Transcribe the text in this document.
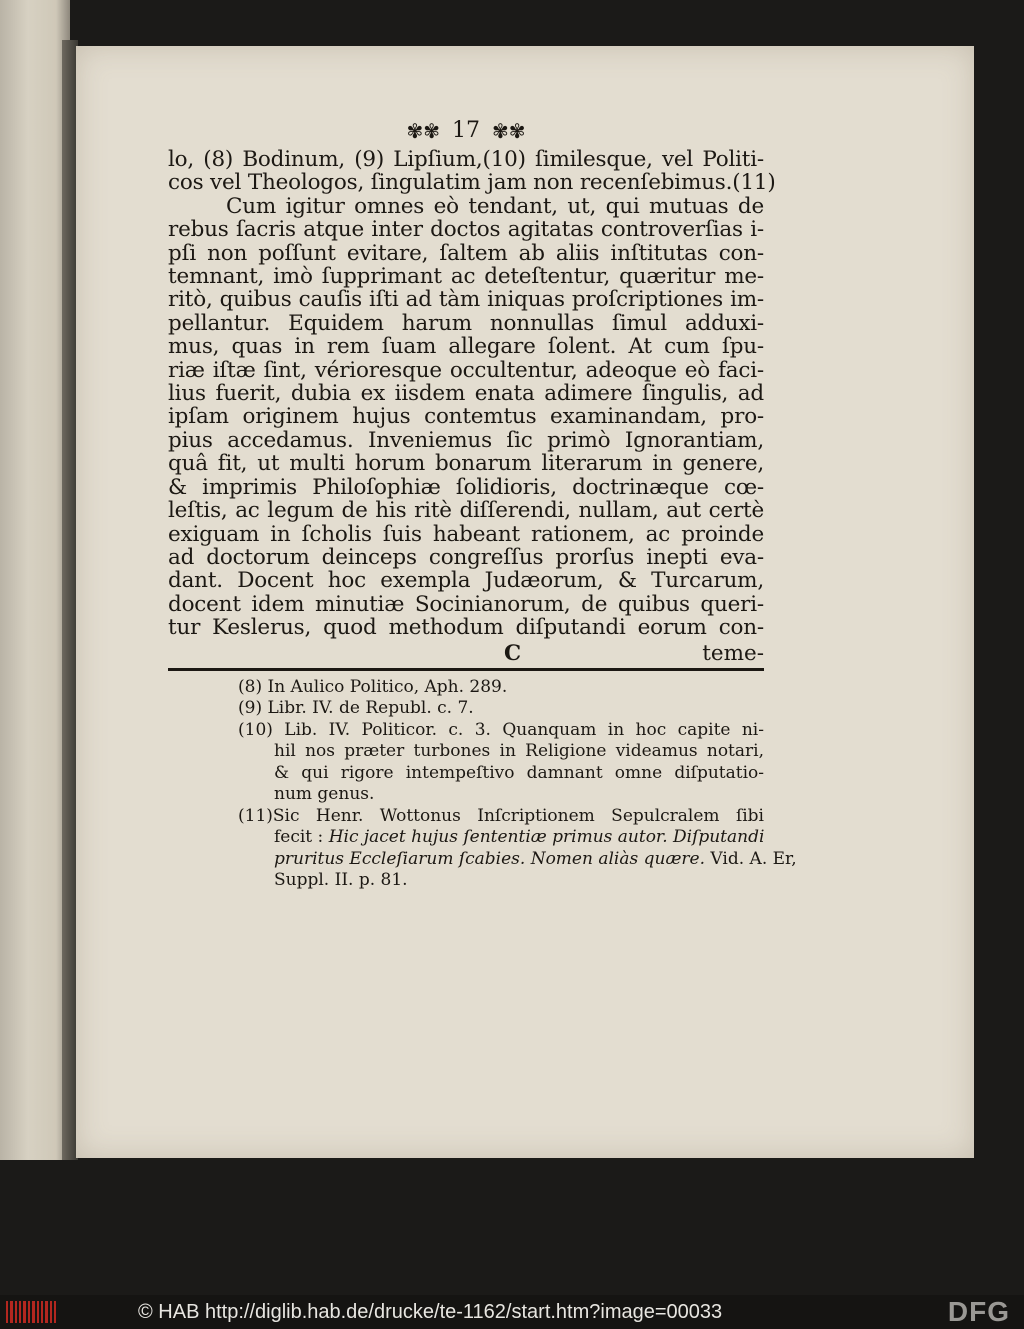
✾✾ 17 ✾✾
lo, (8) Bodinum, (9) Lipſium,(10) ſimilesque, vel Politi-
cos vel Theologos, ſingulatim jam non recenſebimus.(11)
Cum igitur omnes eò tendant, ut, qui mutuas de
rebus ſacris atque inter doctos agitatas controverſias i-
pſi non poſſunt evitare, ſaltem ab aliis inſtitutas con-
temnant, imò ſupprimant ac deteſtentur, quæritur me-
ritò, quibus cauſis iſti ad tàm iniquas proſcriptiones im-
pellantur. Equidem harum nonnullas ſimul adduxi-
mus, quas in rem ſuam allegare ſolent. At cum ſpu-
riæ iſtæ ſint, vérioresque occultentur, adeoque eò faci-
lius fuerit, dubia ex iisdem enata adimere ſingulis, ad
ipſam originem hujus contemtus examinandam, pro-
pius accedamus. Inveniemus ſic primò Ignorantiam,
quâ fit, ut multi horum bonarum literarum in genere,
& imprimis Philoſophiæ ſolidioris, doctrinæque cœ-
leſtis, ac legum de his ritè diſſerendi, nullam, aut certè
exiguam in ſcholis ſuis habeant rationem, ac proinde
ad doctorum deinceps congreſſus prorſus inepti eva-
dant. Docent hoc exempla Judæorum, & Turcarum,
docent idem minutiæ Socinianorum, de quibus queri-
tur Keslerus, quod methodum diſputandi eorum con-
C	teme-
(8) In Aulico Politico, Aph. 289.
(9) Libr. IV. de Republ. c. 7.
(10) Lib. IV. Politicor. c. 3. Quanquam in hoc capite ni-
hil nos præter turbones in Religione videamus notari,
& qui rigore intempeſtivo damnant omne diſputatio-
num genus.
(11)Sic Henr. Wottonus Inſcriptionem Sepulcralem ſibi
fecit : Hic jacet hujus ſententiæ primus autor. Diſputandi
pruritus Eccleſiarum ſcabies. Nomen aliàs quære. Vid. A. Er,
Suppl. II. p. 81.
© HAB http://diglib.hab.de/drucke/te-1162/start.htm?image=00033	DFG
